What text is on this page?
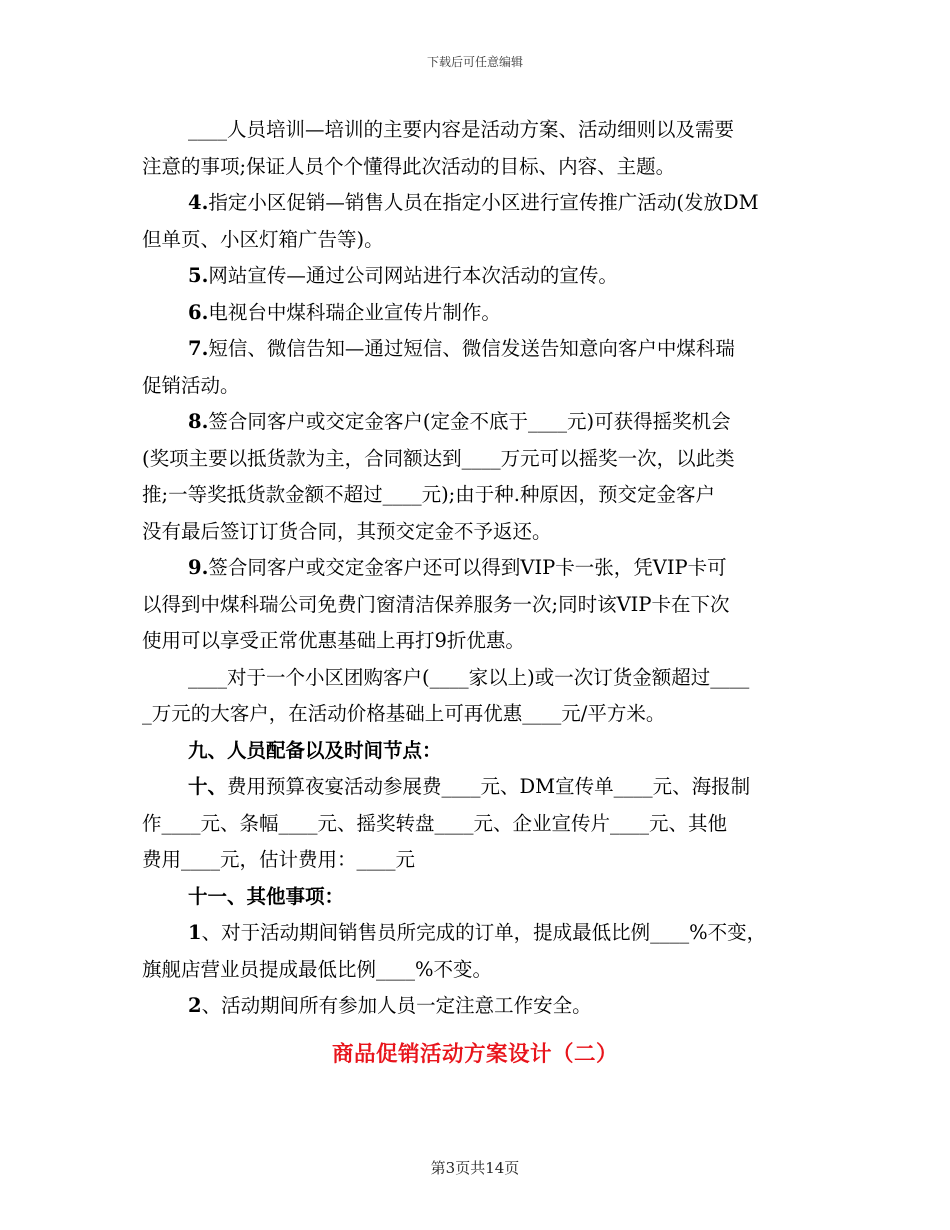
下载后可任意编辑

____人员培训—培训的主要内容是活动方案、活动细则以及需要

注意的事项;保证人员个个懂得此次活动的目标、内容、主题。

4.指定小区促销—销售人员在指定小区进行宣传推广活动(发放DM

但单页、小区灯箱广告等)。

5.网站宣传—通过公司网站进行本次活动的宣传。

6.电视台中煤科瑞企业宣传片制作。

7.短信、微信告知—通过短信、微信发送告知意向客户中煤科瑞

促销活动。

8.签合同客户或交定金客户(定金不底于____元)可获得摇奖机会

(奖项主要以抵货款为主，合同额达到____万元可以摇奖一次，以此类

推;一等奖抵货款金额不超过____元);由于种.种原因，预交定金客户

没有最后签订订货合同，其预交定金不予返还。

9.签合同客户或交定金客户还可以得到VIP卡一张，凭VIP卡可

以得到中煤科瑞公司免费门窗清洁保养服务一次;同时该VIP卡在下次

使用可以享受正常优惠基础上再打9折优惠。

____对于一个小区团购客户(____家以上)或一次订货金额超过____

_万元的大客户，在活动价格基础上可再优惠____元/平方米。

九、人员配备以及时间节点：

十、费用预算夜宴活动参展费____元、DM宣传单____元、海报制

作____元、条幅____元、摇奖转盘____元、企业宣传片____元、其他

费用____元，估计费用：____元

十一、其他事项：

1、对于活动期间销售员所完成的订单，提成最低比例____%不变，

旗舰店营业员提成最低比例____%不变。

2、活动期间所有参加人员一定注意工作安全。

商品促销活动方案设计（二）
第3页共14页
